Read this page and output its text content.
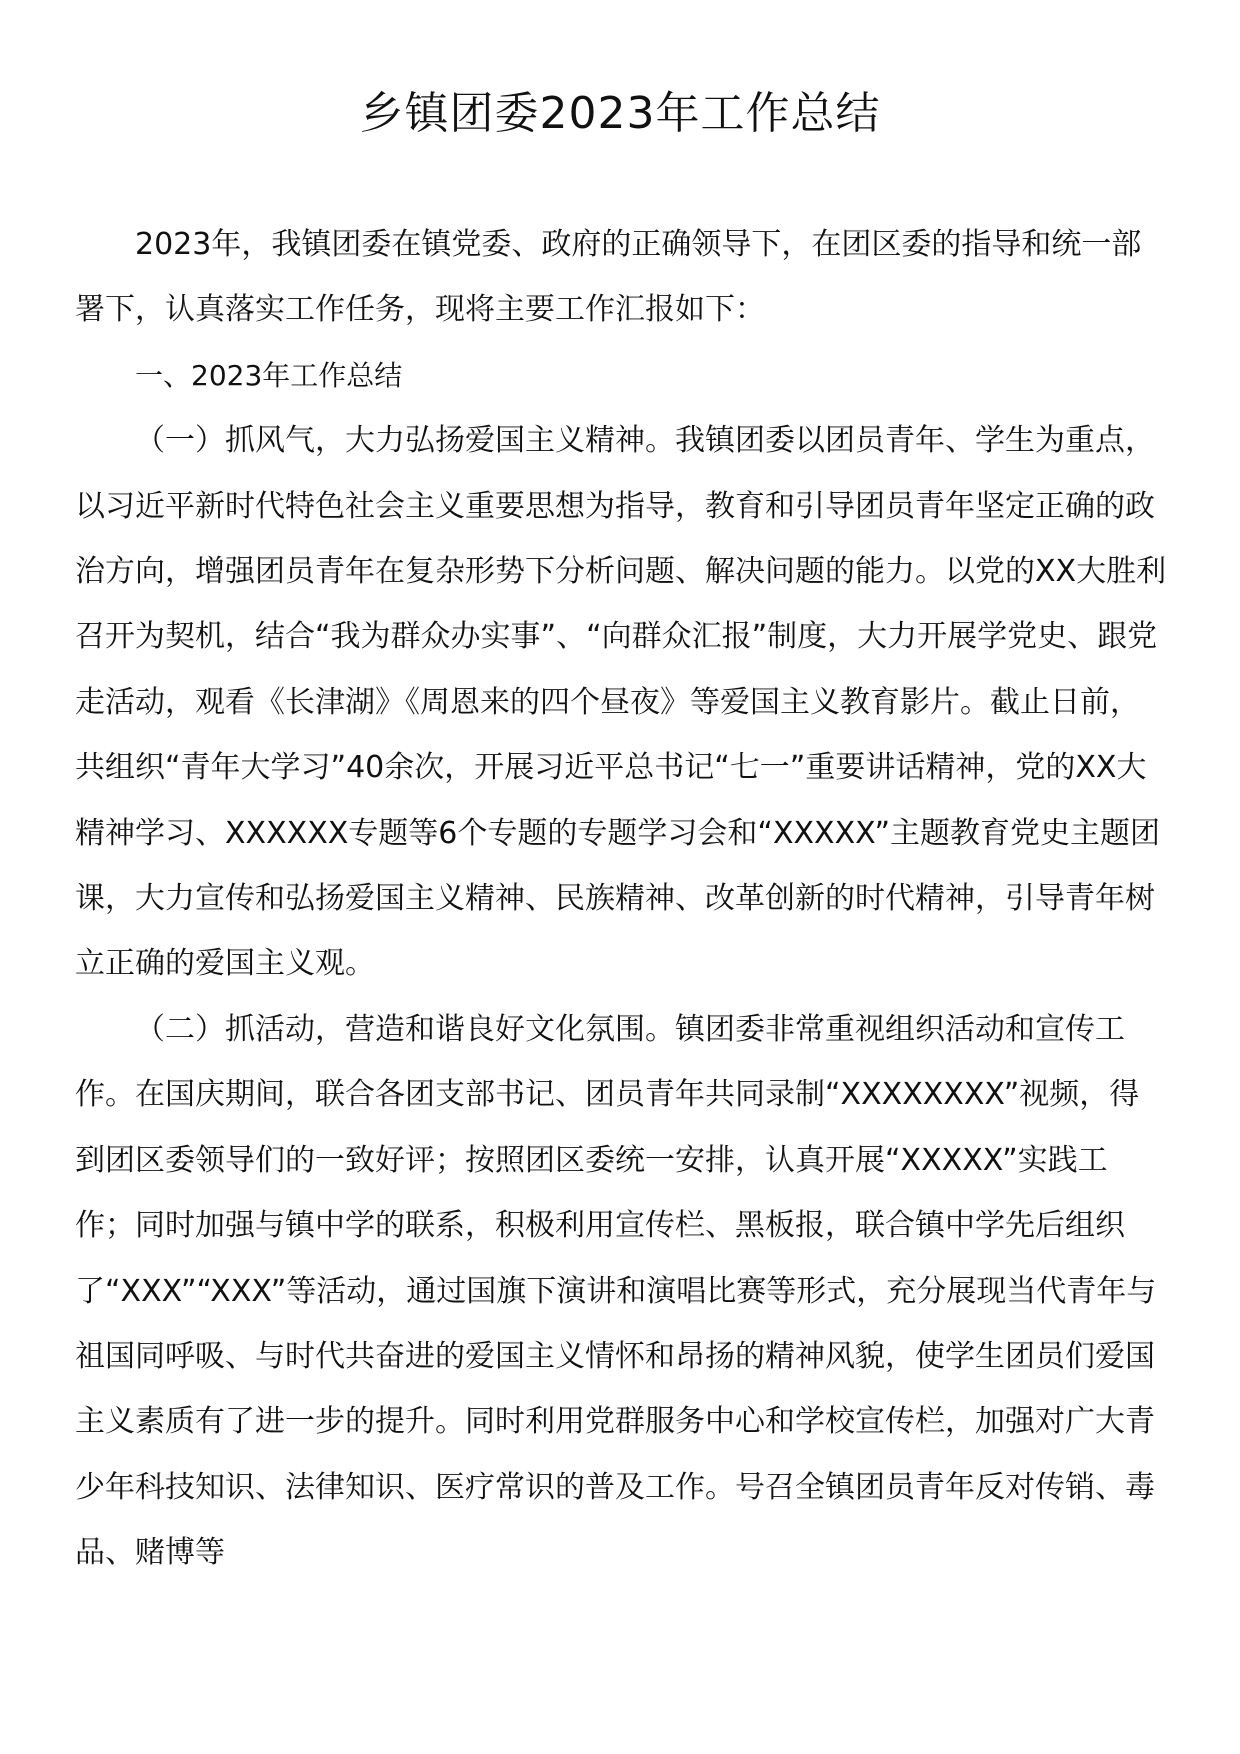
乡镇团委2023年工作总结

2023年，我镇团委在镇党委、政府的正确领导下，在团区委的指导和统一部署下，认真落实工作任务，现将主要工作汇报如下：

一、2023年工作总结

（一）抓风气，大力弘扬爱国主义精神。我镇团委以团员青年、学生为重点，以习近平新时代特色社会主义重要思想为指导，教育和引导团员青年坚定正确的政治方向，增强团员青年在复杂形势下分析问题、解决问题的能力。以党的XX大胜利召开为契机，结合“我为群众办实事”、“向群众汇报”制度，大力开展学党史、跟党走活动，观看《长津湖》《周恩来的四个昼夜》等爱国主义教育影片。截止日前，共组织“青年大学习”40余次，开展习近平总书记“七一”重要讲话精神，党的XX大精神学习、XXXXXX专题等6个专题的专题学习会和“XXXXX”主题教育党史主题团课，大力宣传和弘扬爱国主义精神、民族精神、改革创新的时代精神，引导青年树立正确的爱国主义观。

（二）抓活动，营造和谐良好文化氛围。镇团委非常重视组织活动和宣传工作。在国庆期间，联合各团支部书记、团员青年共同录制“XXXXXXXX”视频，得到团区委领导们的一致好评；按照团区委统一安排，认真开展“XXXXX”实践工作；同时加强与镇中学的联系，积极利用宣传栏、黑板报，联合镇中学先后组织了“XXX”“XXX”等活动，通过国旗下演讲和演唱比赛等形式，充分展现当代青年与祖国同呼吸、与时代共奋进的爱国主义情怀和昂扬的精神风貌，使学生团员们爱国主义素质有了进一步的提升。同时利用党群服务中心和学校宣传栏，加强对广大青少年科技知识、法律知识、医疗常识的普及工作。号召全镇团员青年反对传销、毒品、赌博等
